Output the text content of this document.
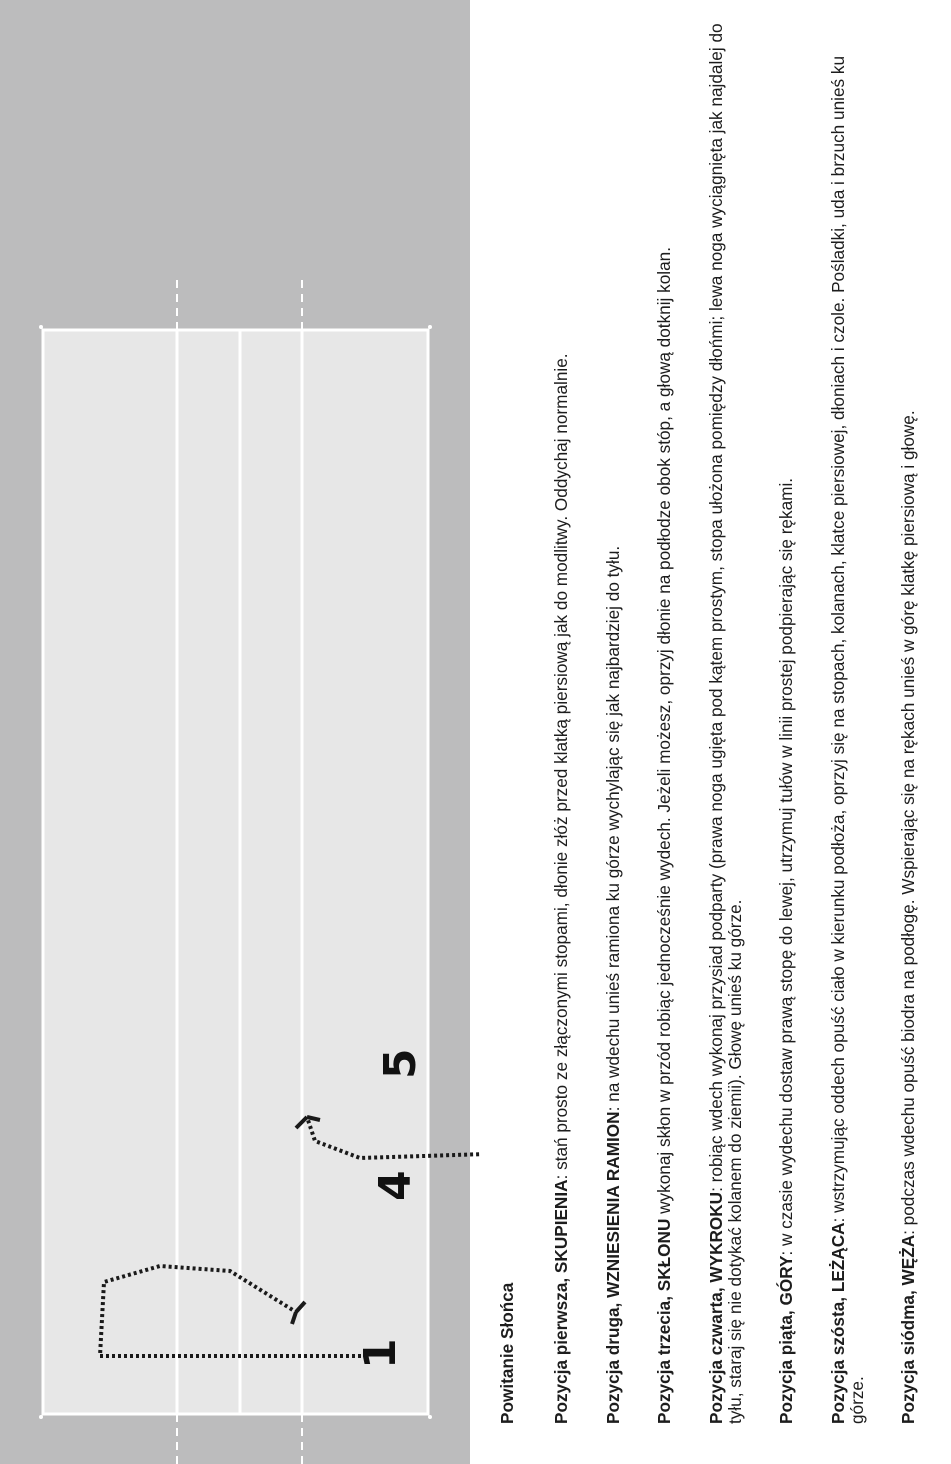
1
4
5

Powitanie Słońca Pozycja pierwsza, SKUPIENIA: stań prosto ze złączonymi stopami, dłonie złóż przed klatką piersiową jak do modlitwy. Oddychaj normalnie.

Pozycja druga, WZNIESIENIA RAMION: na wdechu unieś ramiona ku górze wychylając się jak najbardziej do tyłu.

Pozycja trzecia, SKŁONU wykonaj skłon w przód robiąc jednocześnie wydech. Jeżeli możesz, oprzyj dłonie na podłodze obok stóp, a głową dotknij kolan.

Pozycja czwarta, WYKROKU: robiąc wdech wykonaj przysiad podparty (prawa noga ugięta pod kątem prostym, stopa ułożona pomiędzy dłońmi; lewa noga wyciągnięta jak najdalej do tyłu, staraj się nie dotykać kolanem do ziemii). Głowę unieś ku górze. Pozycja piąta, GÓRY: w czasie wydechu dostaw prawą stopę do lewej, utrzymuj tułów w linii prostej podpierając się rękami.

Pozycja szósta, LEŻĄCA: wstrzymując oddech opuść ciało w kierunku podłoża, oprzyj się na stopach, kolanach, klatce piersiowej, dłoniach i czole. Pośladki, uda i brzuch unieś ku górze. Pozycja siódma, WĘŻA: podczas wdechu opuść biodra na podłogę. Wspierając się na rękach unieś w górę klatkę piersiową i głowę.
